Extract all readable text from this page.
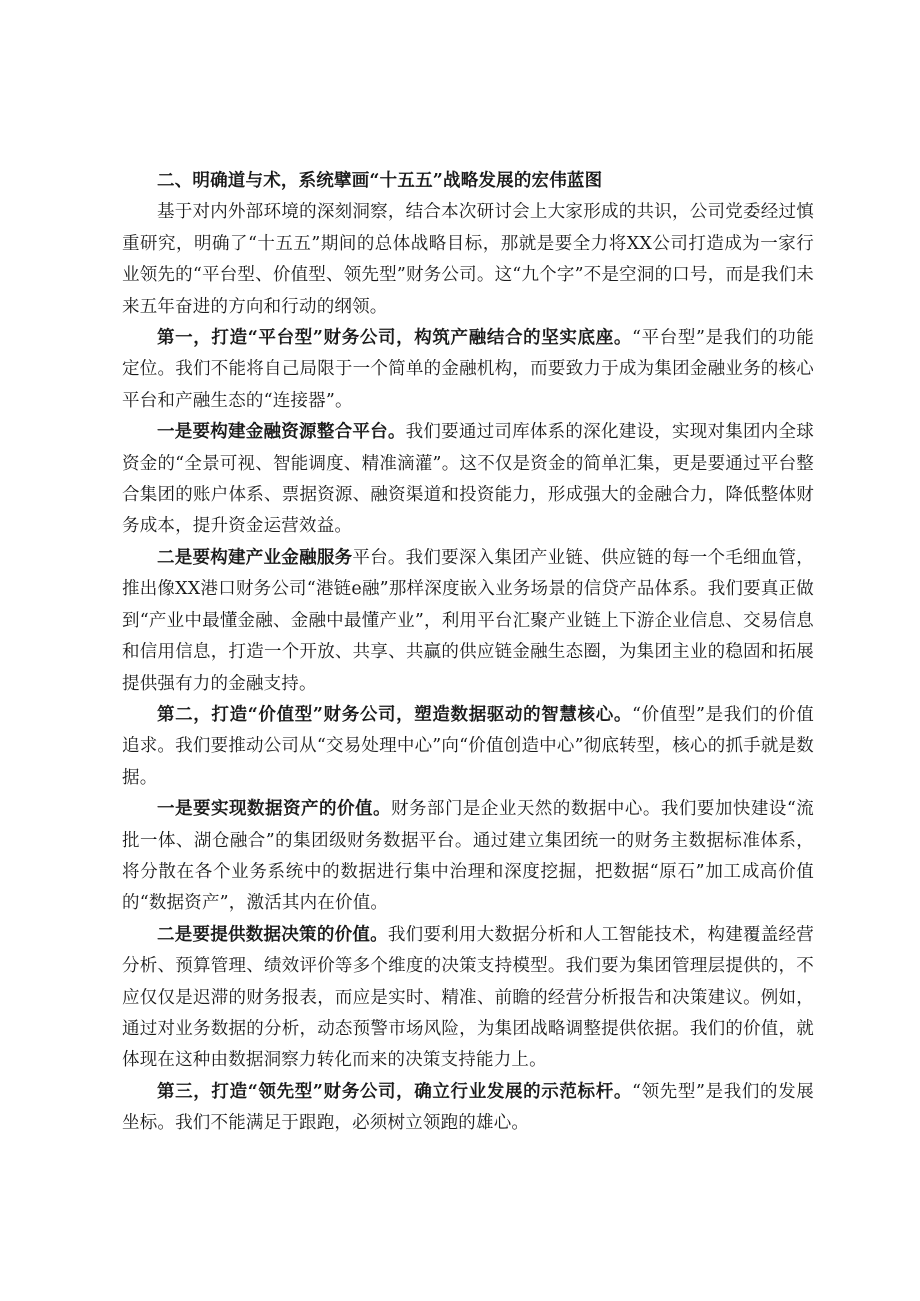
二、明确道与术，系统擘画“十五五”战略发展的宏伟蓝图

基于对内外部环境的深刻洞察，结合本次研讨会上大家形成的共识，公司党委经过慎重研究，明确了“十五五”期间的总体战略目标，那就是要全力将XX公司打造成为一家行业领先的“平台型、价值型、领先型”财务公司。这“九个字”不是空洞的口号，而是我们未来五年奋进的方向和行动的纲领。

第一，打造“平台型”财务公司，构筑产融结合的坚实底座。“平台型”是我们的功能定位。我们不能将自己局限于一个简单的金融机构，而要致力于成为集团金融业务的核心平台和产融生态的“连接器”。

一是要构建金融资源整合平台。我们要通过司库体系的深化建设，实现对集团内全球资金的“全景可视、智能调度、精准滴灌”。这不仅是资金的简单汇集，更是要通过平台整合集团的账户体系、票据资源、融资渠道和投资能力，形成强大的金融合力，降低整体财务成本，提升资金运营效益。

二是要构建产业金融服务平台。我们要深入集团产业链、供应链的每一个毛细血管，推出像XX港口财务公司“港链e融”那样深度嵌入业务场景的信贷产品体系。我们要真正做到“产业中最懂金融、金融中最懂产业”，利用平台汇聚产业链上下游企业信息、交易信息和信用信息，打造一个开放、共享、共赢的供应链金融生态圈，为集团主业的稳固和拓展提供强有力的金融支持。

第二，打造“价值型”财务公司，塑造数据驱动的智慧核心。“价值型”是我们的价值追求。我们要推动公司从“交易处理中心”向“价值创造中心”彻底转型，核心的抓手就是数据。

一是要实现数据资产的价值。财务部门是企业天然的数据中心。我们要加快建设“流批一体、湖仓融合”的集团级财务数据平台。通过建立集团统一的财务主数据标准体系，将分散在各个业务系统中的数据进行集中治理和深度挖掘，把数据“原石”加工成高价值的“数据资产”，激活其内在价值。

二是要提供数据决策的价值。我们要利用大数据分析和人工智能技术，构建覆盖经营分析、预算管理、绩效评价等多个维度的决策支持模型。我们要为集团管理层提供的，不应仅仅是迟滞的财务报表，而应是实时、精准、前瞻的经营分析报告和决策建议。例如，通过对业务数据的分析，动态预警市场风险，为集团战略调整提供依据。我们的价值，就体现在这种由数据洞察力转化而来的决策支持能力上。

第三，打造“领先型”财务公司，确立行业发展的示范标杆。“领先型”是我们的发展坐标。我们不能满足于跟跑，必须树立领跑的雄心。
